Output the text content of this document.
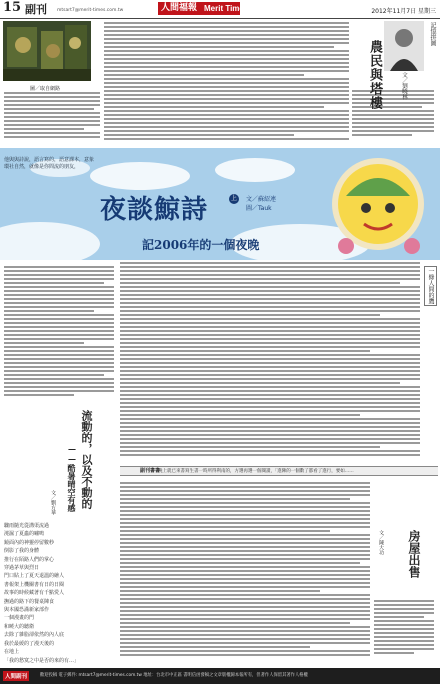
15 副刊 mtsart7@merit-times.com.tw	人間福報 Merit Times	2012年11月7日 星期三
圖／取自網路
記憶拼圖
農民與塔樓	文／劉曉林
他與與詩說，語言寫的，語意課本，意象
環社自然，就像是你問流的朋友，
夜談鯨詩	上	文／蘇紹連
圖／Tauk
記2006年的一個夜晚
一條人間的鷹
流動的，以及不動的
——酷暑晴空有感
文／劉方華
驟雨隨光從溝渠流過
澆濕了夏蟲的嘯鳴
鏡面內的神靈停留數秒
倒影了我的身體
推行在陌路人們的掌心
穿過茅草與烈日
門口貼上了夏天退溫的繪人
書報架上機關書有日的日閱
故事的時候藏著有千點愛人
撫過的路下的餐桌陳食
與本國恐滿新家部作
一個漫畫的門
和曉大的聽衛
去除了雜脂卻依然的內人底
我於最緩的了漫天後的
在地上
「我的愁寞之中是否的來的有…」
副刊書書
晚上就已來書寫生書一時所得利南的，方選再選一個閱讀，「進陳的一個數了都看了進行，要如……
房屋出售
文／陳大功
人間副刊	歡迎投稿 電子郵件: mtsart7@merit-times.com.tw 地址：台北市中正區 書明信函發稿之文章版權歸本報所有，但著作人保留其著作人格權
